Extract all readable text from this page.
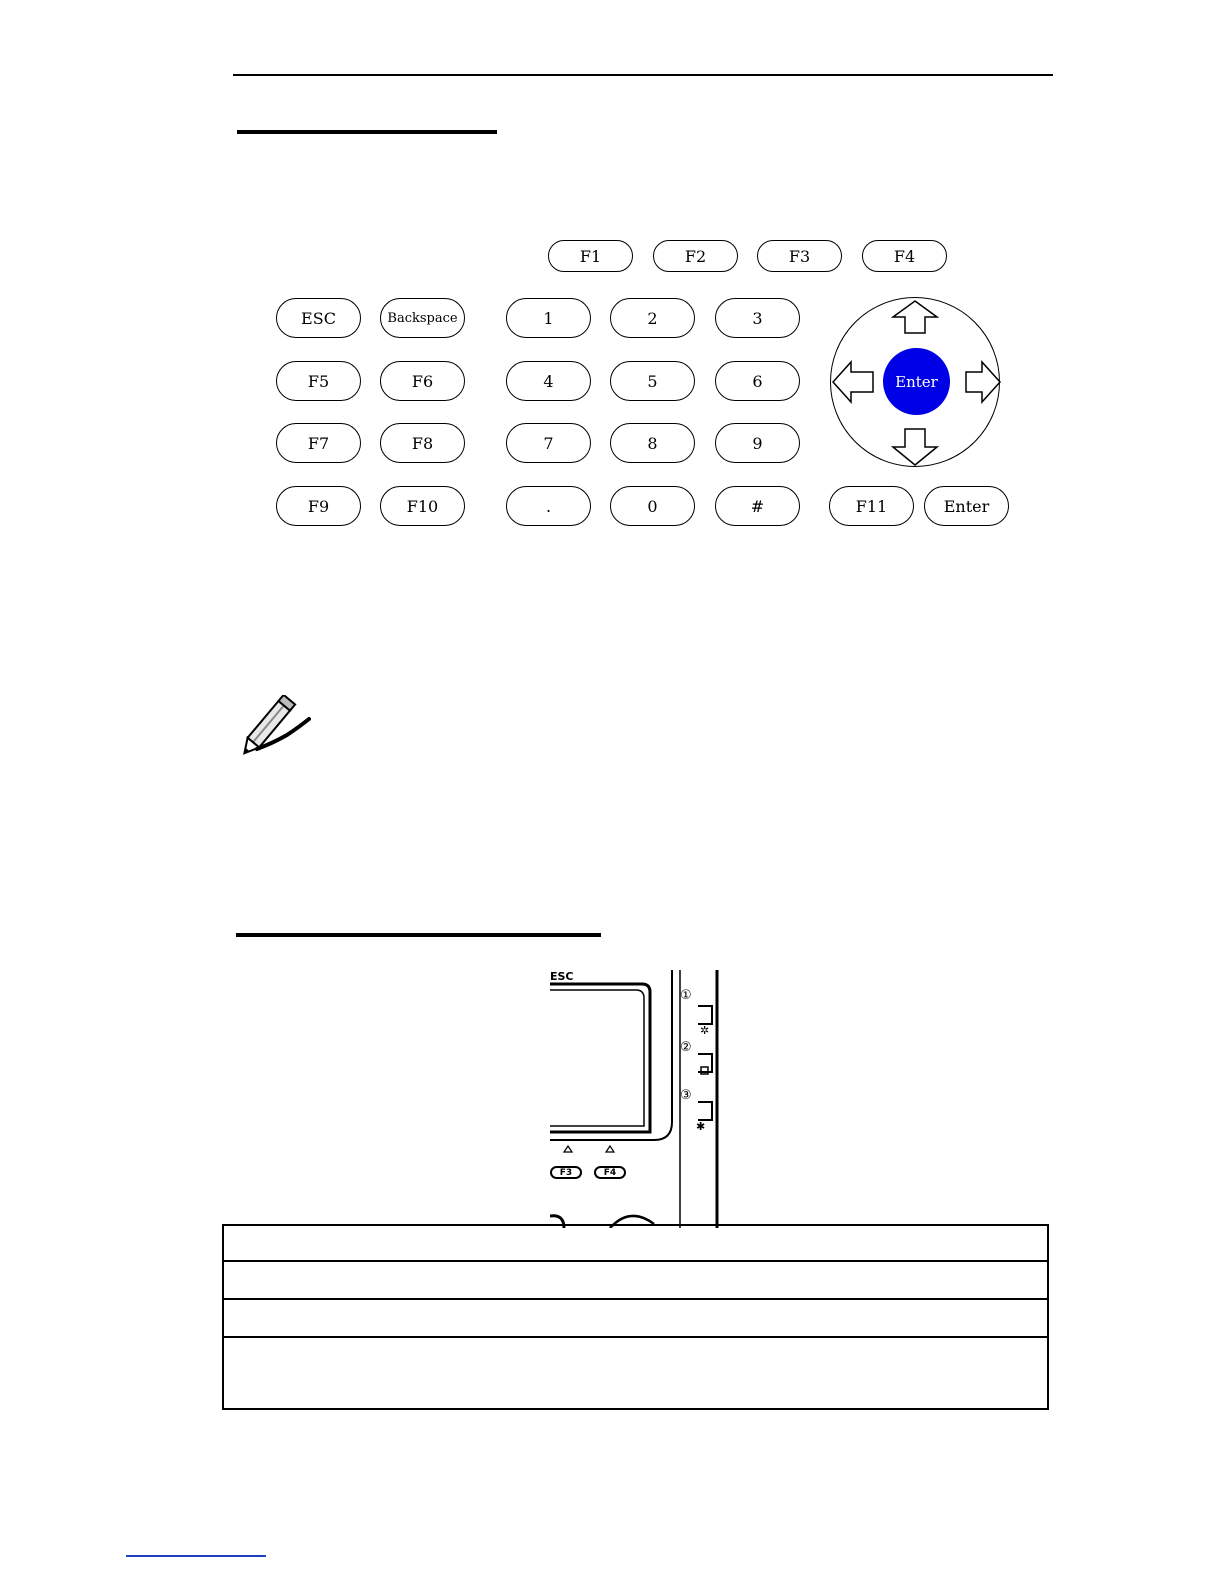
F1	F2	F3	F4
ESC	Backspace
F5	F6
F7	F8
F9	F10
1	2	3
4	5	6
7	8	9
.	0	#
Enter
F11	Enter
ESC
✲
✱
①
②
③
F3	F4
